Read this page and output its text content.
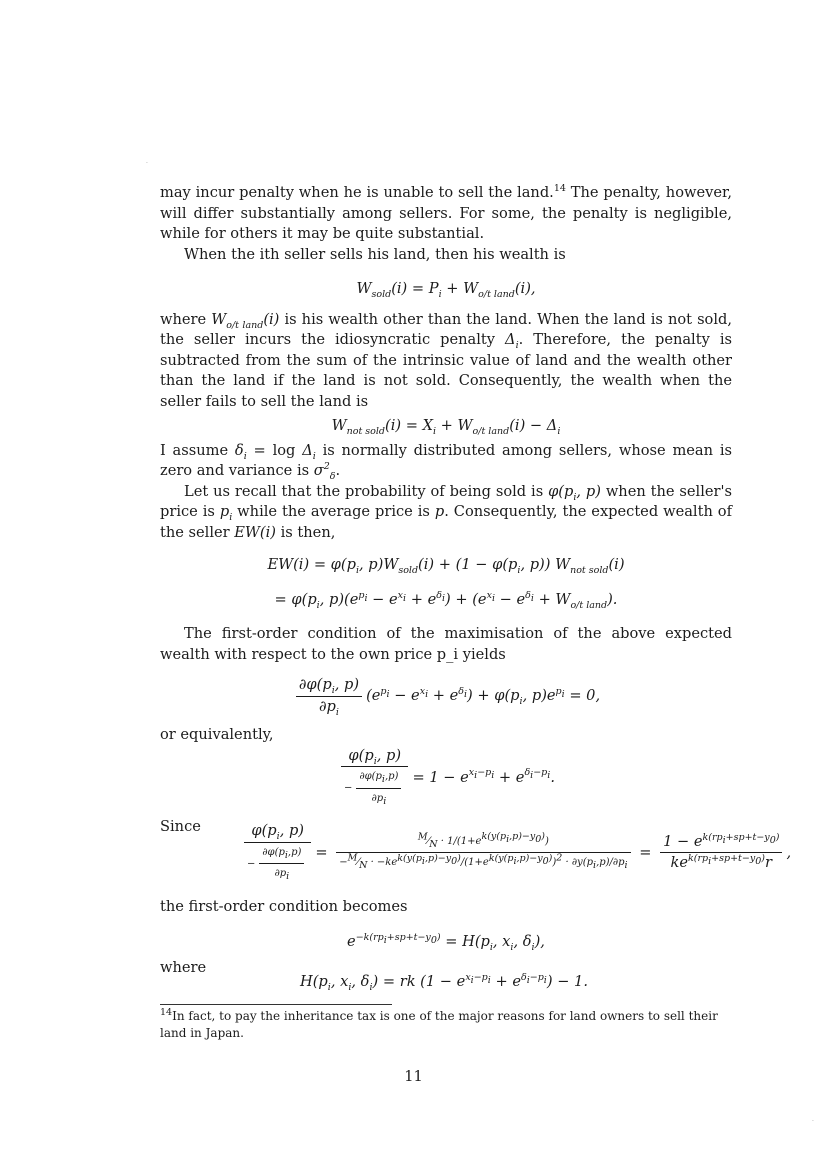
may incur penalty when he is unable to sell the land.$^{14}$ The penalty, however, will differ substantially among sellers. For some, the penalty is negligible, while for others it may be quite substantial.

When the ith seller sells his land, then his wealth is

$W_{sold}(i) = P_i + W_{o/t land}(i)$,

where $W_{o/t land}(i)$ is his wealth other than the land. When the land is not sold, the seller incurs the idiosyncratic penalty $\Delta_i$. Therefore, the penalty is subtracted from the sum of the intrinsic value of land and the wealth other than the land if the land is not sold. Consequently, the wealth when the seller fails to sell the land is

$W_{not sold}(i) = X_i + W_{o/t land}(i) - \Delta_i$

I assume $\delta_i = \log \Delta_i$ is normally distributed among sellers, whose mean is zero and variance is $\sigma^2_\delta$.

Let us recall that the probability of being sold is $\varphi(p_i$, p) when the seller's price is $p_i$ while the average price is p. Consequently, the expected wealth of the seller EW(i) is then,

$EW(i) = \varphi(p_i$, $p)W_{sold}(i) + (1 - \varphi(p_i$, p)) $W_{not sold}(i)$
= $\varphi(p_i$, $p)(e^{p_i} - e^{x_i} + e^{\delta_i}) + (e^{x_i} - e^{\delta_i} + W_{o/t land})$.

The first-order condition of the maximisation of the above expected wealth with respect to the own price p_i yields

$\frac{\partial\varphi(p_i, p)}{\partial p_i} (e^{p_i} - e^{x_i} + e^{\delta_i}) + \varphi(p_i$, $p)e^{p_i} = 0$,

or equivalently,

$\frac{\varphi(p_i, p)}{- \frac{\partial\varphi(p_i,p)}{\partial p_i}} = 1 - e^{x_i-p_i} + e^{\delta_i-p_i}$.
Since	$\frac{\varphi(p_i, p)}{- \frac{\partial\varphi(p_i,p)}{\partial p_i}} = \frac{^M⁄_N \cdot 1/(1+e^{k(y(p_i,p)-y_0)})}{-^M⁄_N \cdot -ke^{k(y(p_i,p)-y_0)}/(1+e^{k(y(p_i,p)-y_0)})^2 \cdot \partial y(p_i,p)/\partial p_i} = \frac{1 - e^{k(rp_i+sp+t-y_0)}}{ke^{k(rp_i+sp+t-y_0)}r}$ ,

the first-order condition becomes

$e^{-k(rp_i+sp+t-y_0)} = H(p_i$, $x_i$, $\delta_i$),
where
$H(p_i$, $x_i$, $\delta_i$) = rk $(1 - e^{x_i-p_i} + e^{\delta_i-p_i}) - 1$.
$^{14}$In fact, to pay the inheritance tax is one of the major reasons for land owners to sell their land in Japan.
11
·
·
